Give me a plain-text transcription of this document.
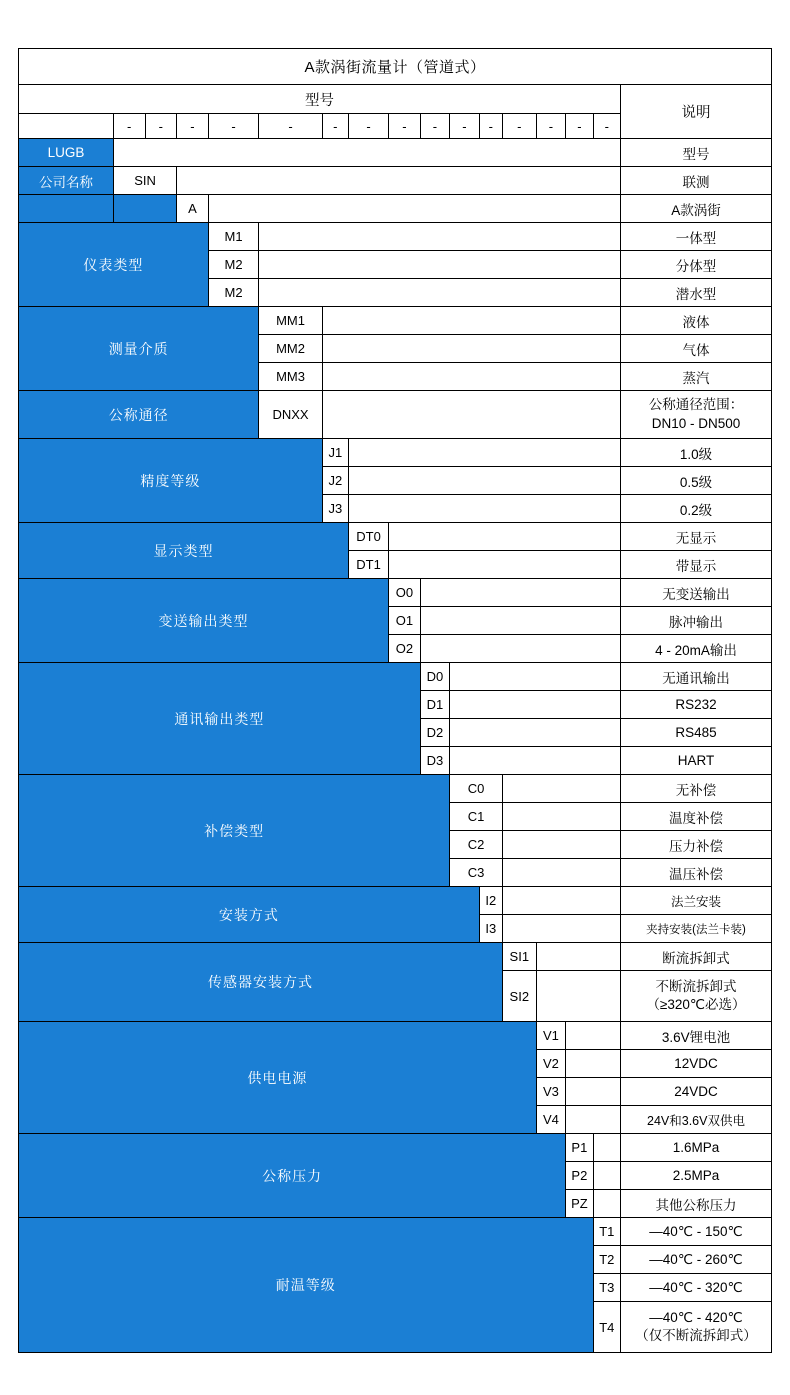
A款涡街流量计（管道式）																
型号																说明
	-	-	-	-	-	-	-	-	-	-	-	-	-	-	-	
LUGB																型号
公司名称	SIN															联测
			A													A款涡街
仪表类型				M1												一体型
				M2												分体型
				M2												潜水型
测量介质					MM1											液体
					MM2											气体
					MM3											蒸汽
公称通径					DNXX											公称通径范围：
DN10 - DN500
精度等级						J1										1.0级
						J2										0.5级
						J3										0.2级
显示类型							DT0									无显示
							DT1									带显示
变送输出类型								O0								无变送输出
								O1								脉冲输出
								O2								4 - 20mA输出
通讯输出类型									D0							无通讯输出
									D1							RS232
									D2							RS485
									D3							HART
补偿类型										C0						无补偿
										C1						温度补偿
										C2						压力补偿
										C3						温压补偿
安装方式											I2					法兰安装
											I3					夹持安装(法兰卡装)
传感器安装方式												SI1				断流拆卸式
												SI2				不断流拆卸式
（≥320℃必选）
供电电源													V1			3.6V锂电池
													V2			12VDC
													V3			24VDC
													V4			24V和3.6V双供电
公称压力														P1		1.6MPa
														P2		2.5MPa
														PZ		其他公称压力
耐温等级															T1	—40℃ - 150℃
															T2	—40℃ - 260℃
															T3	—40℃ - 320℃
															T4	—40℃ - 420℃
（仅不断流拆卸式）
